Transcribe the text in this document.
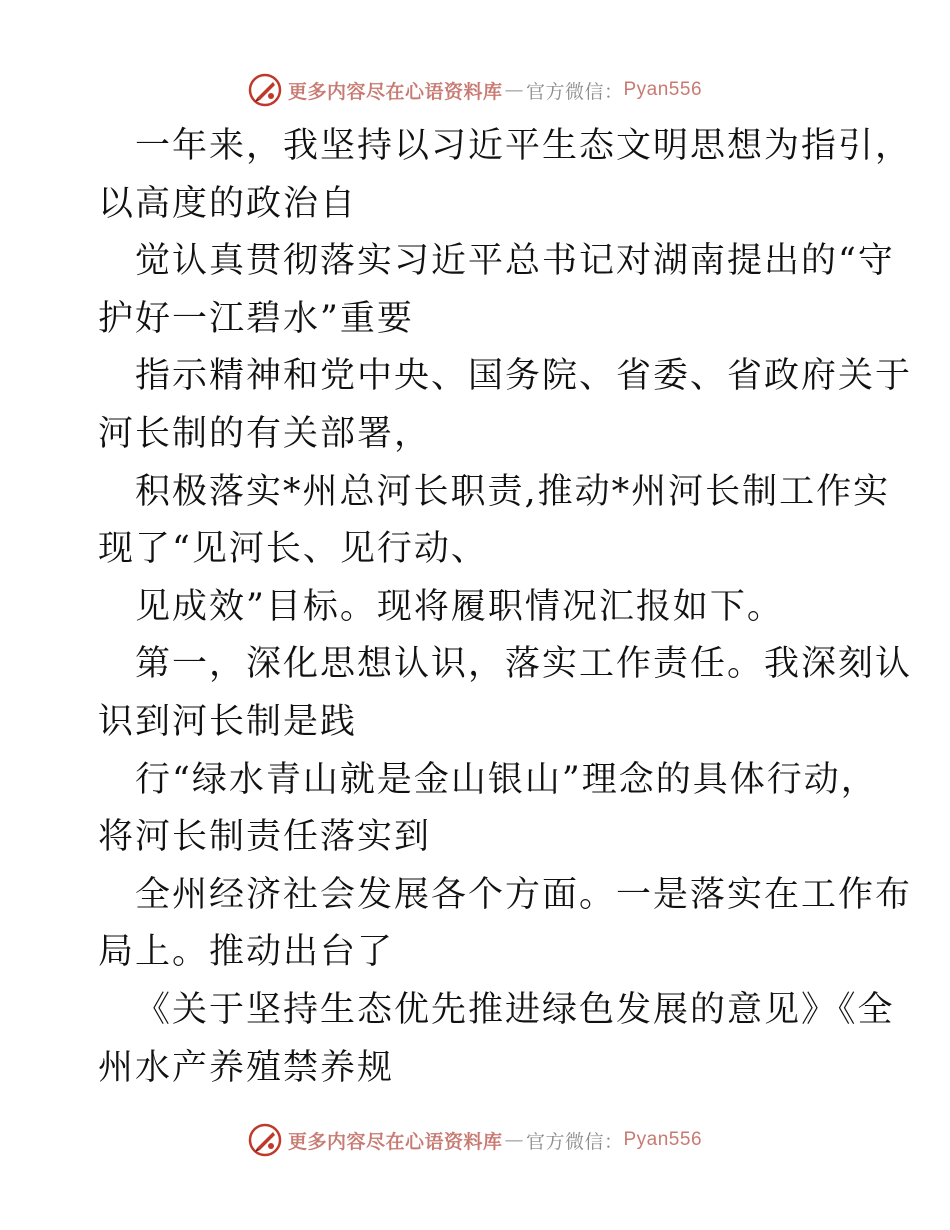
更多内容尽在心语资料库 — 官方微信： Pyan556
一年来，我坚持以习近平生态文明思想为指引，
以高度的政治自
觉认真贯彻落实习近平总书记对湖南提出的“守
护好一江碧水”重要
指示精神和党中央、国务院、省委、省政府关于
河长制的有关部署，
积极落实*州总河长职责,推动*州河长制工作实
现了“见河长、见行动、
见成效”目标。现将履职情况汇报如下。
第一，深化思想认识，落实工作责任。我深刻认
识到河长制是践
行“绿水青山就是金山银山”理念的具体行动，
将河长制责任落实到
全州经济社会发展各个方面。一是落实在工作布
局上。推动出台了
《关于坚持生态优先推进绿色发展的意见》《全
州水产养殖禁养规
更多内容尽在心语资料库 — 官方微信： Pyan556
